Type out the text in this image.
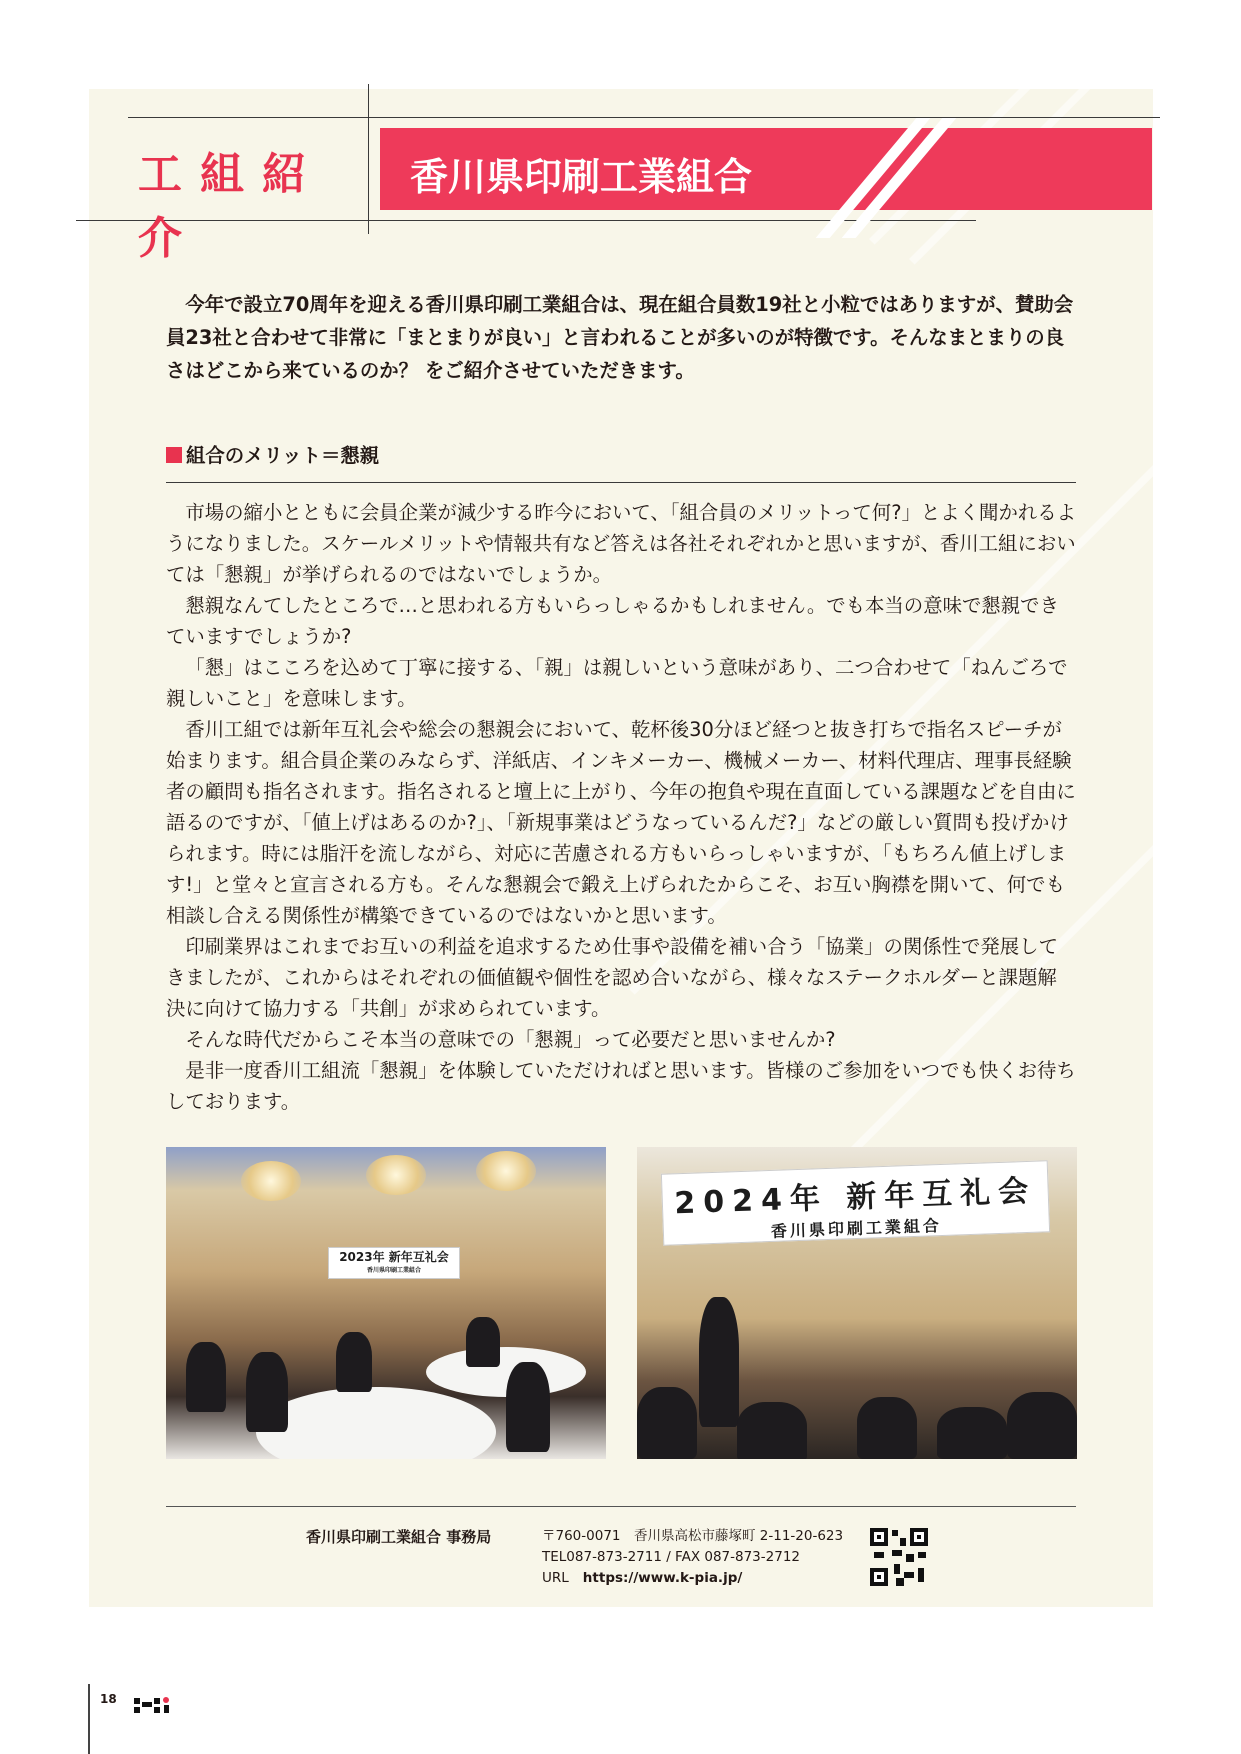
工組紹介
香川県印刷工業組合

今年で設立70周年を迎える香川県印刷工業組合は、現在組合員数19社と小粒ではありますが、賛助会員23社と合わせて非常に「まとまりが良い」と言われることが多いのが特徴です。そんなまとまりの良さはどこから来ているのか？ をご紹介させていただきます。

組合のメリット＝懇親

市場の縮小とともに会員企業が減少する昨今において、「組合員のメリットって何?」とよく聞かれるようになりました。スケールメリットや情報共有など答えは各社それぞれかと思いますが、香川工組においては「懇親」が挙げられるのではないでしょうか。

懇親なんてしたところで…と思われる方もいらっしゃるかもしれません。でも本当の意味で懇親できていますでしょうか?

「懇」はこころを込めて丁寧に接する、「親」は親しいという意味があり、二つ合わせて「ねんごろで親しいこと」を意味します。

香川工組では新年互礼会や総会の懇親会において、乾杯後30分ほど経つと抜き打ちで指名スピーチが始まります。組合員企業のみならず、洋紙店、インキメーカー、機械メーカー、材料代理店、理事長経験者の顧問も指名されます。指名されると壇上に上がり、今年の抱負や現在直面している課題などを自由に語るのですが、「値上げはあるのか?」、「新規事業はどうなっているんだ?」などの厳しい質問も投げかけられます。時には脂汗を流しながら、対応に苦慮される方もいらっしゃいますが、「もちろん値上げします!」と堂々と宣言される方も。そんな懇親会で鍛え上げられたからこそ、お互い胸襟を開いて、何でも相談し合える関係性が構築できているのではないかと思います。

印刷業界はこれまでお互いの利益を追求するため仕事や設備を補い合う「協業」の関係性で発展してきましたが、これからはそれぞれの価値観や個性を認め合いながら、様々なステークホルダーと課題解決に向けて協力する「共創」が求められています。

そんな時代だからこそ本当の意味での「懇親」って必要だと思いませんか?

是非一度香川工組流「懇親」を体験していただければと思います。皆様のご参加をいつでも快くお待ちしております。

2023年 新年互礼会
香川県印刷工業組合
2024年 新年互礼会
香川県印刷工業組合
香川県印刷工業組合 事務局	〒760-0071　香川県高松市藤塚町 2-11-20-623
TEL087-873-2711 / FAX 087-873-2712
URL https://www.k-pia.jp/
18
